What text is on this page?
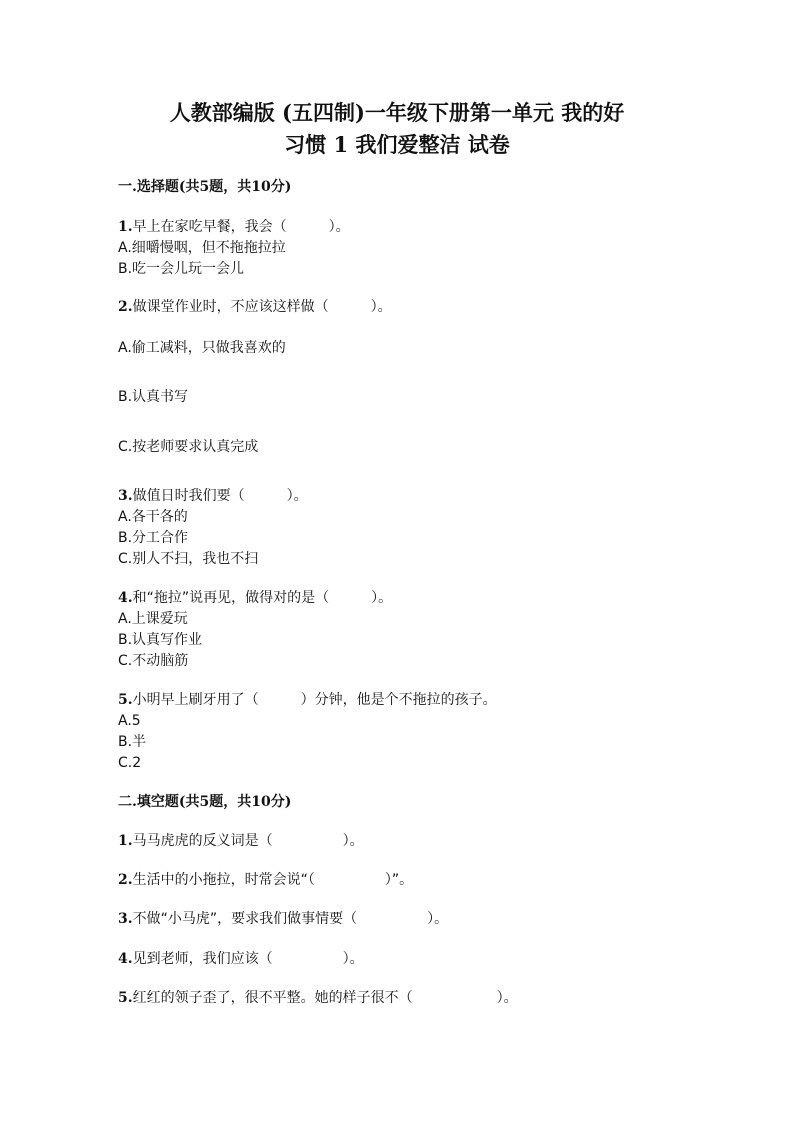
人教部编版 (五四制)一年级下册第一单元 我的好
习惯 1 我们爱整洁 试卷
一.选择题(共5题，共10分)
1.早上在家吃早餐，我会（　　　）。
A.细嚼慢咽，但不拖拖拉拉
B.吃一会儿玩一会儿
2.做课堂作业时，不应该这样做（　　　）。
A.偷工减料，只做我喜欢的
B.认真书写
C.按老师要求认真完成
3.做值日时我们要（　　　）。
A.各干各的
B.分工合作
C.别人不扫，我也不扫
4.和“拖拉”说再见，做得对的是（　　　）。
A.上课爱玩
B.认真写作业
C.不动脑筋
5.小明早上刷牙用了（　　　）分钟，他是个不拖拉的孩子。
A.5
B.半
C.2
二.填空题(共5题，共10分)
1.马马虎虎的反义词是（　　　　　）。
2.生活中的小拖拉，时常会说“（　　　　　）”。
3.不做“小马虎”，要求我们做事情要（　　　　　）。
4.见到老师，我们应该（　　　　　）。
5.红红的领子歪了，很不平整。她的样子很不（　　　　　　）。
